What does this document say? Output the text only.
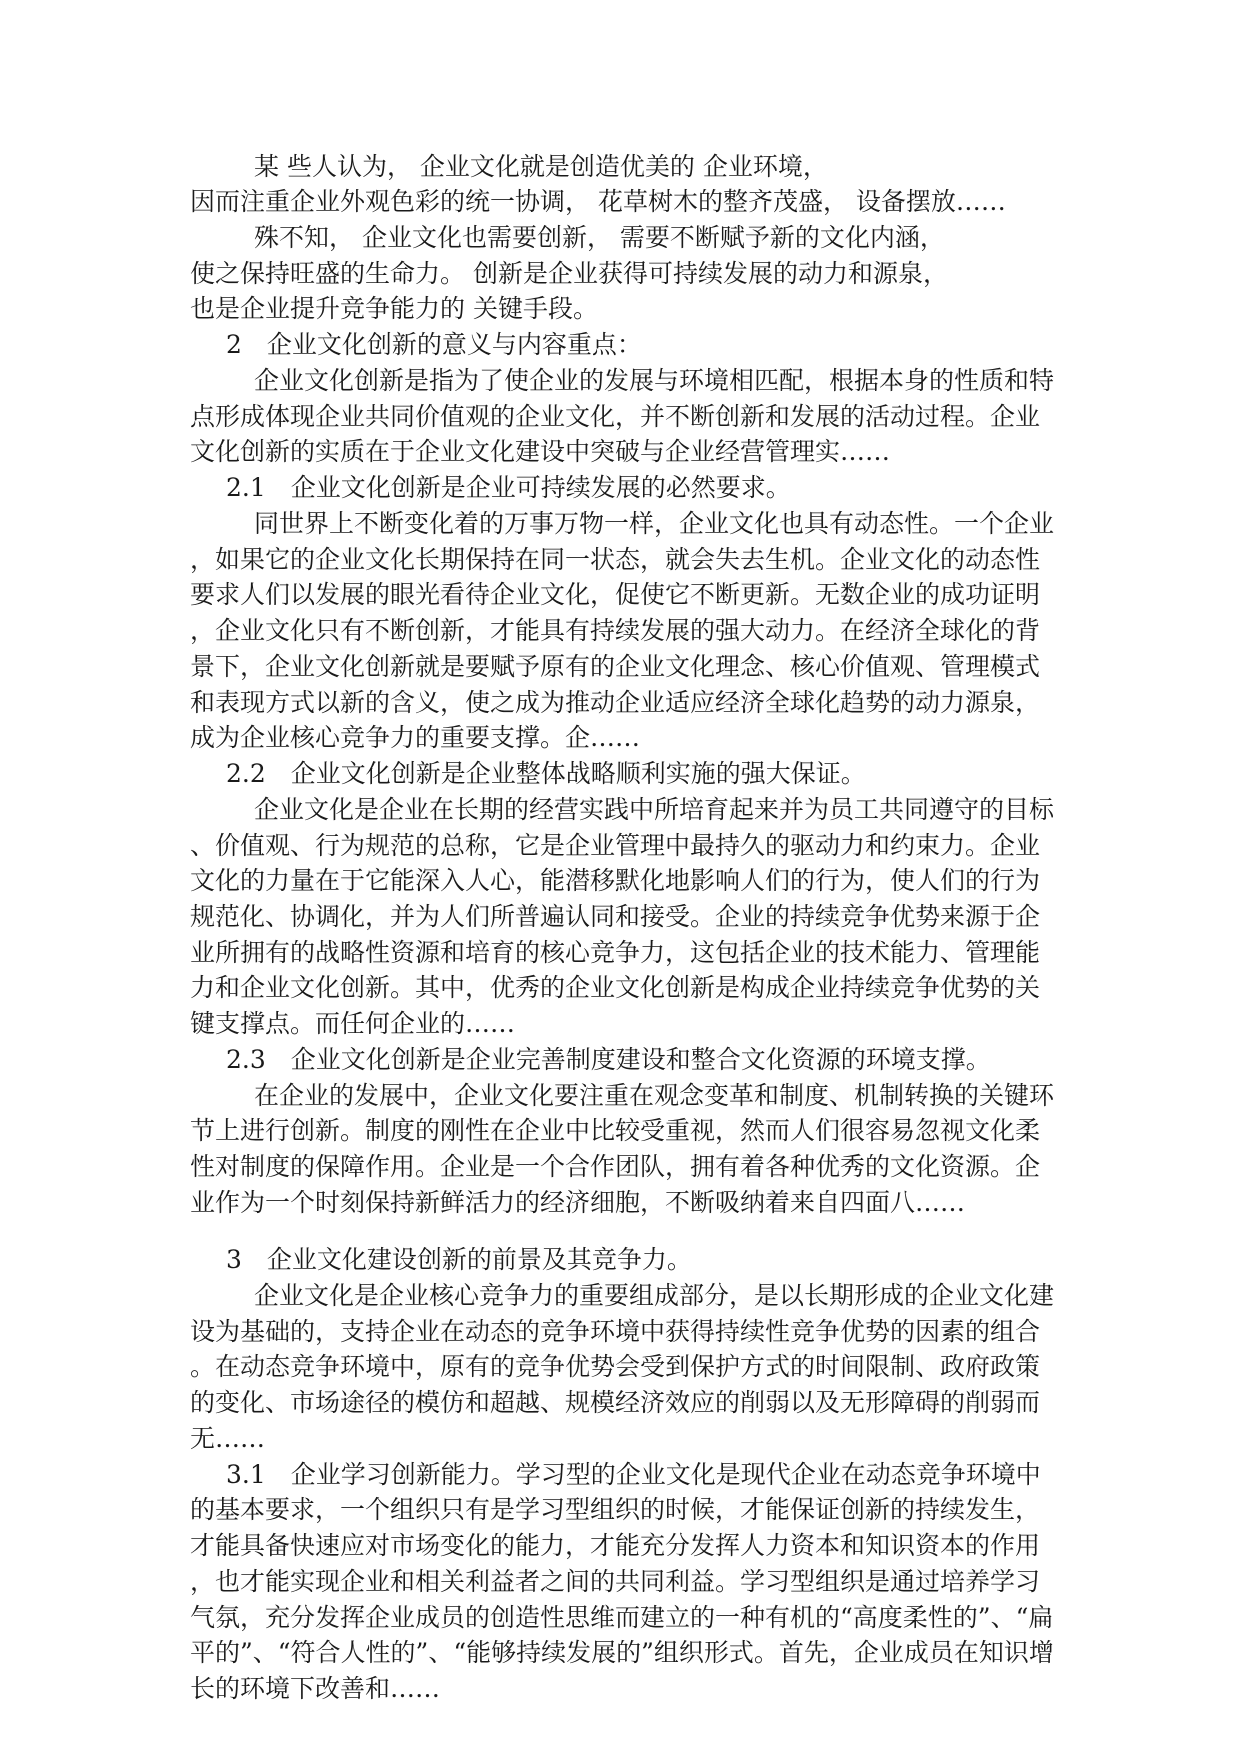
某 些人认为， 企业文化就是创造优美的 企业环境，
因而注重企业外观色彩的统一协调， 花草树木的整齐茂盛， 设备摆放……
殊不知， 企业文化也需要创新， 需要不断赋予新的文化内涵，
使之保持旺盛的生命力。 创新是企业获得可持续发展的动力和源泉，
也是企业提升竞争能力的 关键手段。
2　企业文化创新的意义与内容重点：
企业文化创新是指为了使企业的发展与环境相匹配，根据本身的性质和特
点形成体现企业共同价值观的企业文化，并不断创新和发展的活动过程。企业
文化创新的实质在于企业文化建设中突破与企业经营管理实……
2.1　企业文化创新是企业可持续发展的必然要求。
同世界上不断变化着的万事万物一样，企业文化也具有动态性。一个企业
，如果它的企业文化长期保持在同一状态，就会失去生机。企业文化的动态性
要求人们以发展的眼光看待企业文化，促使它不断更新。无数企业的成功证明
，企业文化只有不断创新，才能具有持续发展的强大动力。在经济全球化的背
景下，企业文化创新就是要赋予原有的企业文化理念、核心价值观、管理模式
和表现方式以新的含义，使之成为推动企业适应经济全球化趋势的动力源泉，
成为企业核心竞争力的重要支撑。企……
2.2　企业文化创新是企业整体战略顺利实施的强大保证。
企业文化是企业在长期的经营实践中所培育起来并为员工共同遵守的目标
、价值观、行为规范的总称，它是企业管理中最持久的驱动力和约束力。企业
文化的力量在于它能深入人心，能潜移默化地影响人们的行为，使人们的行为
规范化、协调化，并为人们所普遍认同和接受。企业的持续竞争优势来源于企
业所拥有的战略性资源和培育的核心竞争力，这包括企业的技术能力、管理能
力和企业文化创新。其中，优秀的企业文化创新是构成企业持续竞争优势的关
键支撑点。而任何企业的……
2.3　企业文化创新是企业完善制度建设和整合文化资源的环境支撑。
在企业的发展中，企业文化要注重在观念变革和制度、机制转换的关键环
节上进行创新。制度的刚性在企业中比较受重视，然而人们很容易忽视文化柔
性对制度的保障作用。企业是一个合作团队，拥有着各种优秀的文化资源。企
业作为一个时刻保持新鲜活力的经济细胞，不断吸纳着来自四面八……
3　企业文化建设创新的前景及其竞争力。
企业文化是企业核心竞争力的重要组成部分，是以长期形成的企业文化建
设为基础的，支持企业在动态的竞争环境中获得持续性竞争优势的因素的组合
。在动态竞争环境中，原有的竞争优势会受到保护方式的时间限制、政府政策
的变化、市场途径的模仿和超越、规模经济效应的削弱以及无形障碍的削弱而
无……
3.1　企业学习创新能力。学习型的企业文化是现代企业在动态竞争环境中
的基本要求，一个组织只有是学习型组织的时候，才能保证创新的持续发生，
才能具备快速应对市场变化的能力，才能充分发挥人力资本和知识资本的作用
，也才能实现企业和相关利益者之间的共同利益。学习型组织是通过培养学习
气氛，充分发挥企业成员的创造性思维而建立的一种有机的“高度柔性的”、“扁
平的”、“符合人性的”、“能够持续发展的”组织形式。首先，企业成员在知识增
长的环境下改善和……
